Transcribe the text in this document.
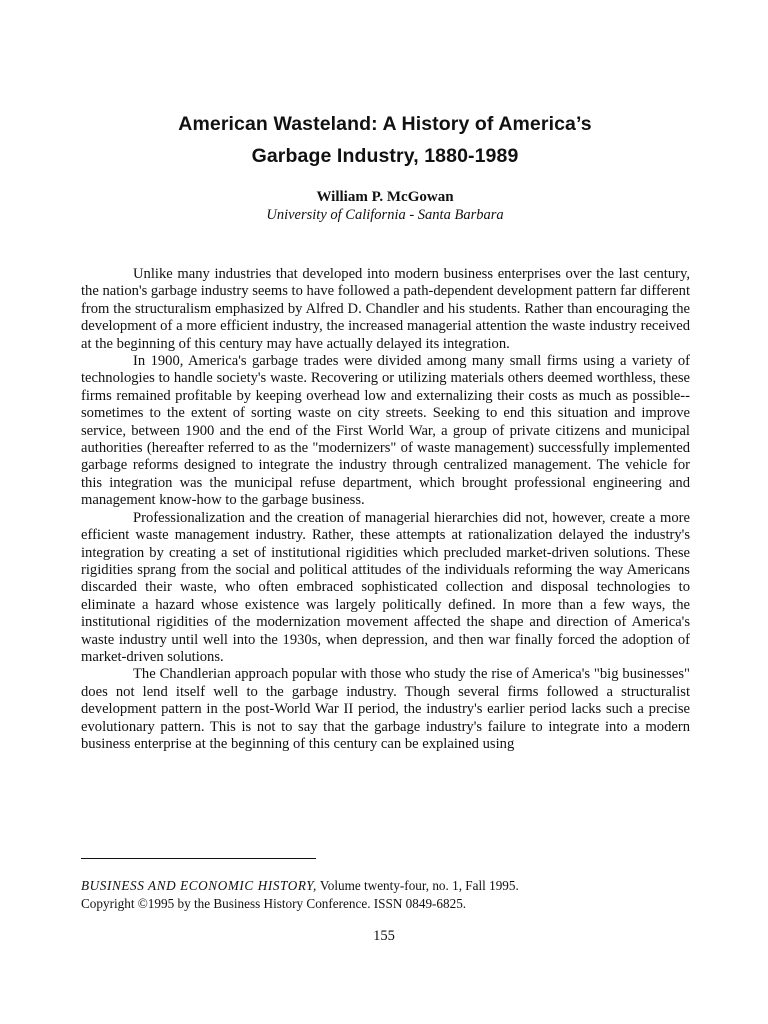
American Wasteland: A History of America’s
Garbage Industry, 1880-1989
William P. McGowan
University of California - Santa Barbara

Unlike many industries that developed into modern business enterprises over the last century, the nation's garbage industry seems to have followed a path-dependent development pattern far different from the structuralism emphasized by Alfred D. Chandler and his students. Rather than encouraging the development of a more efficient industry, the increased managerial attention the waste industry received at the beginning of this century may have actually delayed its integration.

In 1900, America's garbage trades were divided among many small firms using a variety of technologies to handle society's waste. Recovering or utilizing materials others deemed worthless, these firms remained profitable by keeping overhead low and externalizing their costs as much as possible--sometimes to the extent of sorting waste on city streets. Seeking to end this situation and improve service, between 1900 and the end of the First World War, a group of private citizens and municipal authorities (hereafter referred to as the "modernizers" of waste management) successfully implemented garbage reforms designed to integrate the industry through centralized management. The vehicle for this integration was the municipal refuse department, which brought professional engineering and management know-how to the garbage business.

Professionalization and the creation of managerial hierarchies did not, however, create a more efficient waste management industry. Rather, these attempts at rationalization delayed the industry's integration by creating a set of institutional rigidities which precluded market-driven solutions. These rigidities sprang from the social and political attitudes of the individuals reforming the way Americans discarded their waste, who often embraced sophisticated collection and disposal technologies to eliminate a hazard whose existence was largely politically defined. In more than a few ways, the institutional rigidities of the modernization movement affected the shape and direction of America's waste industry until well into the 1930s, when depression, and then war finally forced the adoption of market-driven solutions.

The Chandlerian approach popular with those who study the rise of America's "big businesses" does not lend itself well to the garbage industry. Though several firms followed a structuralist development pattern in the post-World War II period, the industry's earlier period lacks such a precise evolutionary pattern. This is not to say that the garbage industry's failure to integrate into a modern business enterprise at the beginning of this century can be explained using

BUSINESS AND ECONOMIC HISTORY, Volume twenty-four, no. 1, Fall 1995.
Copyright ©1995 by the Business History Conference. ISSN 0849-6825.
155
